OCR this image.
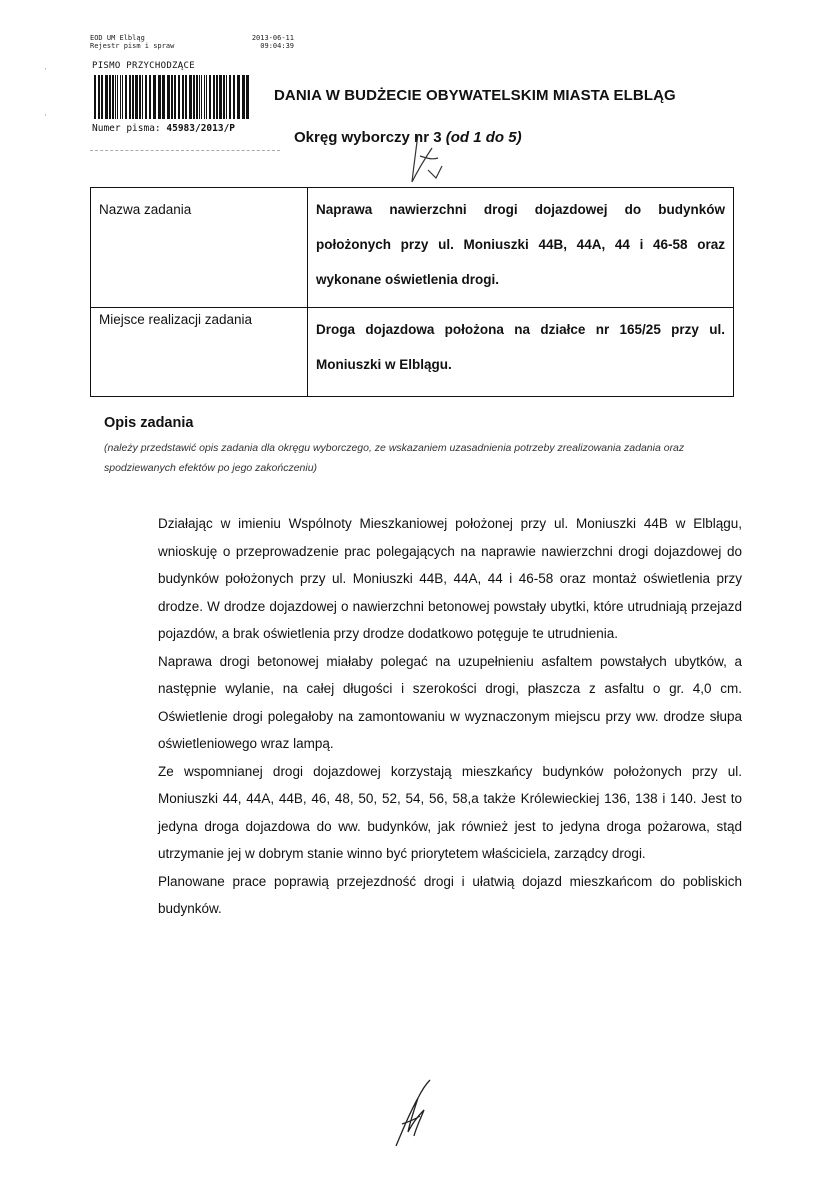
EOD UM Elbląg
Rejestr pism i spraw
2013-06-11
09:04:39
PISMO PRZYCHODZĄCE
Numer pisma: 45983/2013/P
ˑ
ˑ
DANIA W BUDŻECIE OBYWATELSKIM MIASTA ELBLĄG
Okręg wyborczy nr 3 (od 1 do 5)
Nazwa zadania	Naprawa nawierzchni drogi dojazdowej do budynków położonych przy ul. Moniuszki 44B, 44A, 44 i 46-58 oraz wykonane oświetlenia drogi.
Miejsce realizacji zadania	Droga dojazdowa położona na działce nr 165/25 przy ul. Moniuszki w Elblągu.
Opis zadania
(należy przedstawić opis zadania dla okręgu wyborczego, ze wskazaniem uzasadnienia potrzeby zrealizowania zadania oraz spodziewanych efektów po jego zakończeniu)

Działając w imieniu Wspólnoty Mieszkaniowej położonej przy ul. Moniuszki 44B w Elblągu, wnioskuję o przeprowadzenie prac polegających na naprawie nawierzchni drogi dojazdowej do budynków położonych przy ul. Moniuszki 44B, 44A, 44 i 46-58 oraz montaż oświetlenia przy drodze. W drodze dojazdowej o nawierzchni betonowej powstały ubytki, które utrudniają przejazd pojazdów, a brak oświetlenia przy drodze dodatkowo potęguje te utrudnienia.

Naprawa drogi betonowej miałaby polegać na uzupełnieniu asfaltem powstałych ubytków, a następnie wylanie, na całej długości i szerokości drogi, płaszcza z asfaltu o gr. 4,0 cm. Oświetlenie drogi polegałoby na zamontowaniu w wyznaczonym miejscu przy ww. drodze słupa oświetleniowego wraz lampą.

Ze wspomnianej drogi dojazdowej korzystają mieszkańcy budynków położonych przy ul. Moniuszki 44, 44A, 44B, 46, 48, 50, 52, 54, 56, 58,a także Królewieckiej 136, 138 i 140. Jest to jedyna droga dojazdowa do ww. budynków, jak również jest to jedyna droga pożarowa, stąd utrzymanie jej w dobrym stanie winno być priorytetem właściciela, zarządcy drogi.

Planowane prace poprawią przejezdność drogi i ułatwią dojazd mieszkańcom do pobliskich budynków.
